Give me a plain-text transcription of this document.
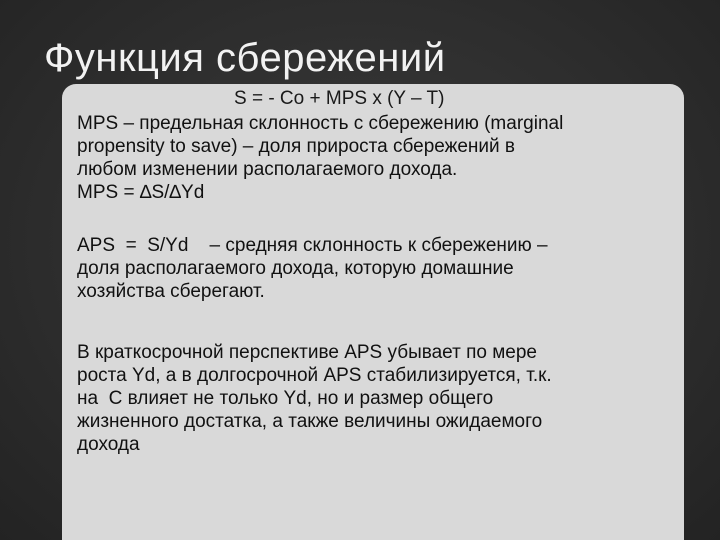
Функция сбережений
S = - Co + MPS x (Y – T)
MPS – предельная склонность с сбережению (marginal
propensity to save) – доля прироста сбережений в
любом изменении располагаемого дохода.
MPS = ∆S/∆Yd
APS  =  S/Yd    – средняя склонность к сбережению –
доля располагаемого дохода, которую домашние
хозяйства сберегают.
В краткосрочной перспективе APS убывает по мере
роста Yd, а в долгосрочной APS стабилизируется, т.к.
на  С влияет не только Yd, но и размер общего
жизненного достатка, а также величины ожидаемого
дохода
